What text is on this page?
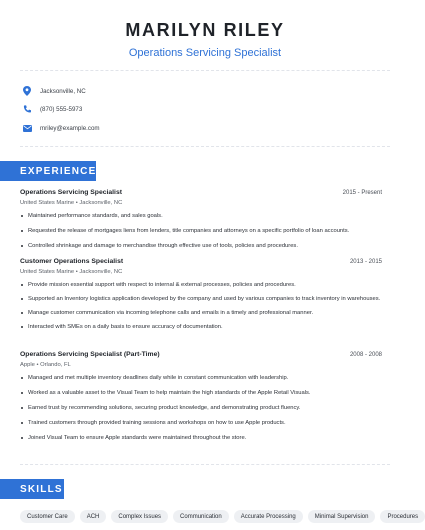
MARILYN RILEY
Operations Servicing Specialist
Jacksonville, NC
(870) 555-5973
mriley@example.com
EXPERIENCE
Operations Servicing Specialist	2015 - Present
United States Marine • Jacksonville, NC
Maintained performance standards, and sales goals.
Requested the release of mortgages liens from lenders, title companies and attorneys on a specific portfolio of loan accounts.
Controlled shrinkage and damage to merchandise through effective use of tools, policies and procedures.
Customer Operations Specialist	2013 - 2015
United States Marine • Jacksonville, NC
Provide mission essential support with respect to internal & external processes, policies and procedures.
Supported an Inventory logistics application developed by the company and used by various companies to track inventory in warehouses.
Manage customer communication via incoming telephone calls and emails in a timely and professional manner.
Interacted with SMEs on a daily basis to ensure accuracy of documentation.
Operations Servicing Specialist (Part-Time)	2008 - 2008
Apple • Orlando, FL
Managed and met multiple inventory deadlines daily while in constant communication with leadership.
Worked as a valuable asset to the Visual Team to help maintain the high standards of the Apple Retail Visuals.
Earned trust by recommending solutions, securing product knowledge, and demonstrating product fluency.
Trained customers through provided training sessions and workshops on how to use Apple products.
Joined Visual Team to ensure Apple standards were maintained throughout the store.
SKILLS
Customer Care	ACH	Complex Issues	Communication	Accurate Processing	Minimal Supervision	Procedures
